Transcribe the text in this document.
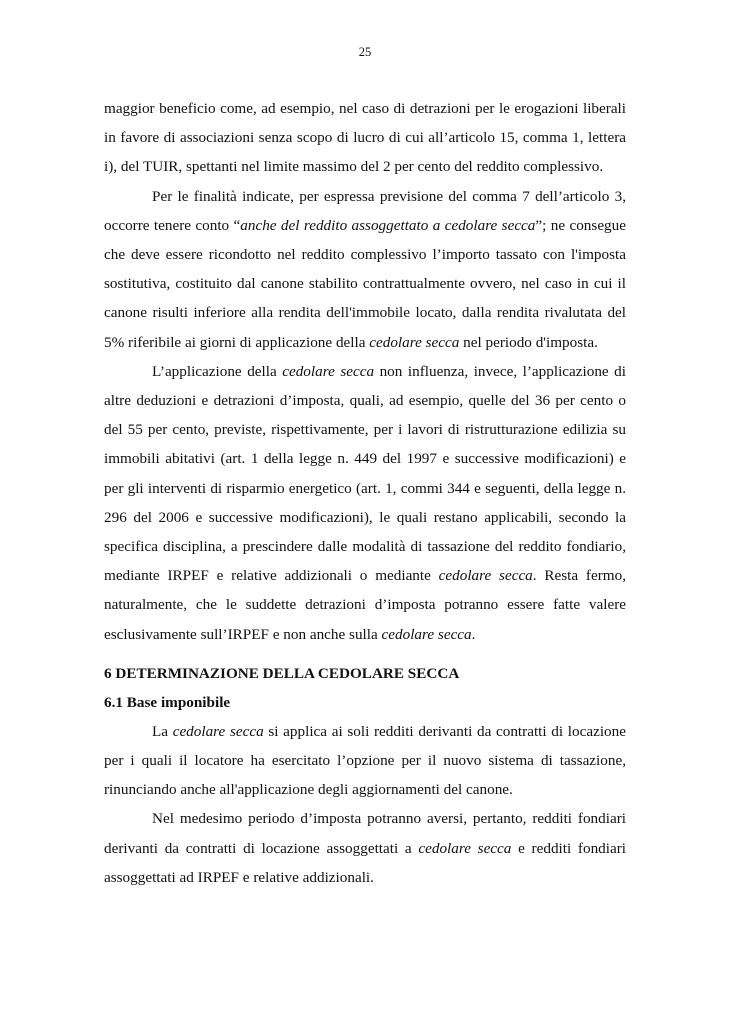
25

maggior beneficio come, ad esempio, nel caso di detrazioni per le erogazioni liberali in favore di associazioni senza scopo di lucro di cui all’articolo 15, comma 1, lettera i), del TUIR, spettanti nel limite massimo del 2 per cento del reddito complessivo.

Per le finalità indicate, per espressa previsione del comma 7 dell’articolo 3, occorre tenere conto “anche del reddito assoggettato a cedolare secca”; ne consegue che deve essere ricondotto nel reddito complessivo l’importo tassato con l'imposta sostitutiva, costituito dal canone stabilito contrattualmente ovvero, nel caso in cui il canone risulti inferiore alla rendita dell'immobile locato, dalla rendita rivalutata del 5% riferibile ai giorni di applicazione della cedolare secca nel periodo d'imposta.

L’applicazione della cedolare secca non influenza, invece, l’applicazione di altre deduzioni e detrazioni d’imposta, quali, ad esempio, quelle del 36 per cento o del 55 per cento, previste, rispettivamente, per i lavori di ristrutturazione edilizia su immobili abitativi (art. 1 della legge n. 449 del 1997 e successive modificazioni) e per gli interventi di risparmio energetico (art. 1, commi 344 e seguenti, della legge n. 296 del 2006 e successive modificazioni), le quali restano applicabili, secondo la specifica disciplina, a prescindere dalle modalità di tassazione del reddito fondiario, mediante IRPEF e relative addizionali o mediante cedolare secca. Resta fermo, naturalmente, che le suddette detrazioni d’imposta potranno essere fatte valere esclusivamente sull’IRPEF e non anche sulla cedolare secca.

6 DETERMINAZIONE DELLA CEDOLARE SECCA
6.1 Base imponibile

La cedolare secca si applica ai soli redditi derivanti da contratti di locazione per i quali il locatore ha esercitato l’opzione per il nuovo sistema di tassazione, rinunciando anche all'applicazione degli aggiornamenti del canone.

Nel medesimo periodo d’imposta potranno aversi, pertanto, redditi fondiari derivanti da contratti di locazione assoggettati a cedolare secca e redditi fondiari assoggettati ad IRPEF e relative addizionali.
